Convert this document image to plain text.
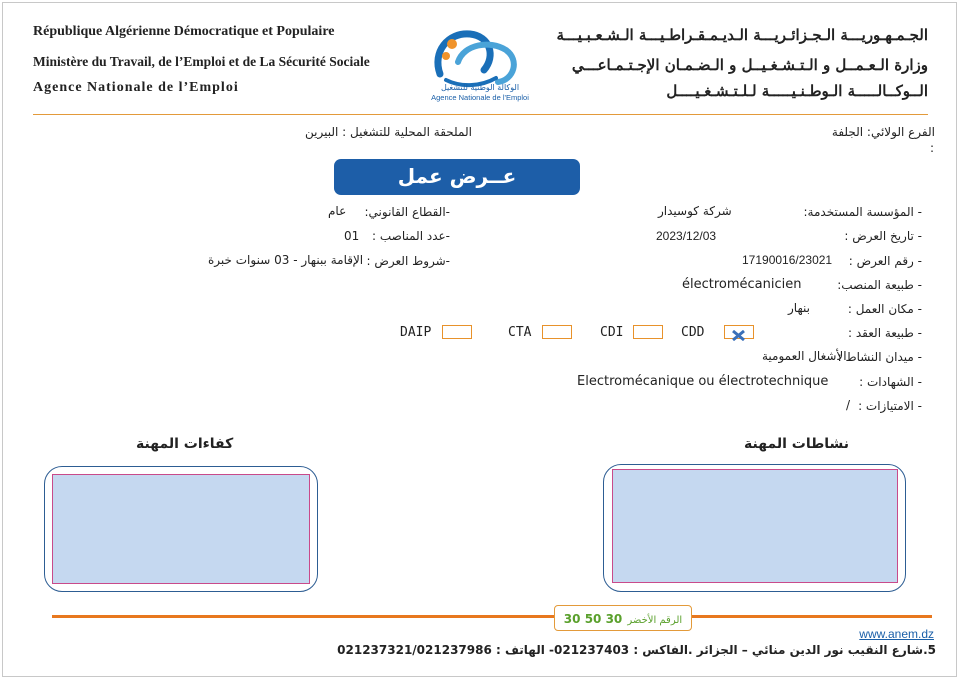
République Algérienne Démocratique et Populaire
Ministère du Travail, de l’Emploi et de La Sécurité Sociale
Agence Nationale de l’Emploi
الجـمـهـوريـــة الـجـزائـريـــة الـديـمـقـراطـيـــة الـشـعـبـيـــة
وزارة الـعـمــل و الـتـشـغـيــل و الـضـمـان الإجـتـمـاعـــي
الــوكــالـــــة الـوطـنـيـــــة لـلـتـشـغـيــــل
الوكالة الوطنية للتشغيل
Agence Nationale de l'Emploi
الفرع الولائي: الجلفة
:
الملحقة المحلية للتشغيل : البيرين
عــرض عمل
- المؤسسة المستخدمة:
شركة كوسيدار
- تاريخ العرض :
2023/12/03
- رقم العرض :
17190016/23021
- طبيعة المنصب:
électromécanicien
- مكان العمل :
بنهار
- طبيعة العقد :
CDD
CDI
CTA
DAIP
- ميدان النشاط :
الأشغال العمومية
- الشهادات :
Electromécanique ou électrotechnique
- الامتيازات :
/
-القطاع القانوني:
عام
-عدد المناصب :
01
-شروط العرض :
الإقامة ببنهار - 03 سنوات خبرة
نشاطات المهنة
كفاءات المهنة
الرقم الأخضر 30 50 30
www.anem.dz
5.شارع النقيب نور الدين منائي – الجزائر .الفاكس : 021237403- الهاتف : 021237321/021237986
